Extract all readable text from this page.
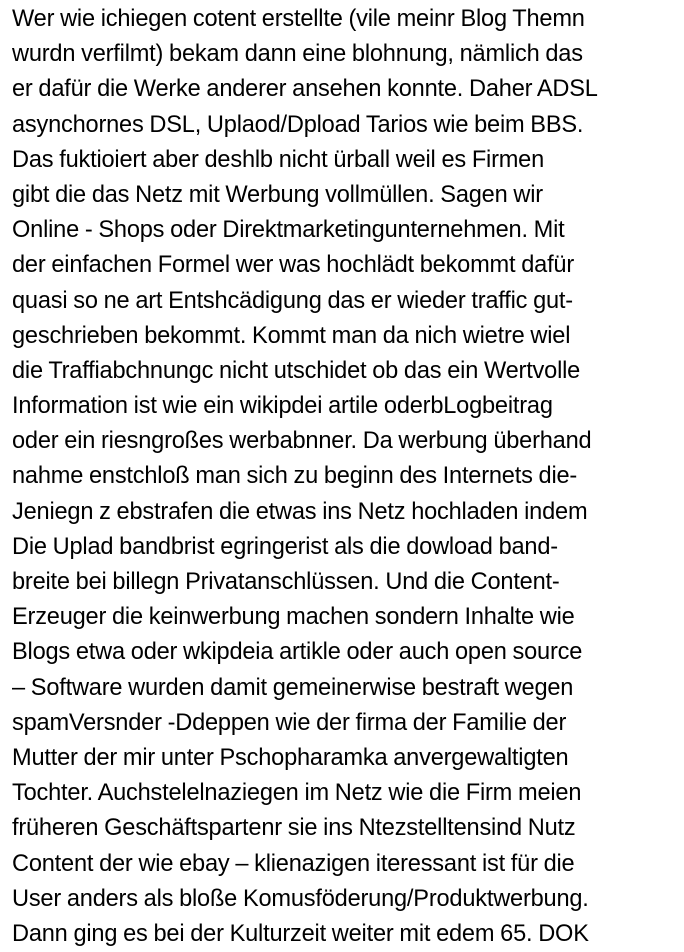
Wer wie ichiegen cotent erstellte (vile meinr Blog Themn
wurdn verfilmt) bekam dann eine blohnung, nämlich das
er dafür die Werke anderer ansehen konnte. Daher ADSL
asynchornes DSL, Uplaod/Dpload Tarios wie beim BBS.
Das fuktioiert aber deshlb nicht ürball weil es Firmen
gibt die das Netz mit Werbung vollmüllen. Sagen wir
Online - Shops oder Direktmarketingunternehmen. Mit
der einfachen Formel wer was hochlädt bekommt dafür
quasi so ne art Entshcädigung das er wieder traffic gut-
geschrieben bekommt. Kommt man da nich wietre wiel
die Traffiabchnungc nicht utschidet ob das ein Wertvolle
Information ist wie ein wikipdei artile oderbLogbeitrag
oder ein riesngroßes werbabnner. Da werbung überhand
nahme enstchloß man sich zu beginn des Internets die-
Jeniegn z ebstrafen die etwas ins Netz hochladen indem
Die Uplad bandbrist egringerist als die dowload band-
breite bei billegn Privatanschlüssen. Und die Content-
Erzeuger die keinwerbung machen sondern Inhalte wie
Blogs etwa oder wkipdeia artikle oder auch open source
– Software wurden damit gemeinerwise bestraft wegen
spamVersnder -Ddeppen wie der firma der Familie der
Mutter der mir unter Pschopharamka anvergewaltigten
Tochter. Auchstelelnaziegen im Netz wie die Firm meien
früheren Geschäftspartenr sie ins Ntezstelltensind Nutz
Content der wie ebay – klienazigen iteressant ist für die
User anders als bloße Komusföderung/Produktwerbung.
Dann ging es bei der Kulturzeit weiter mit edem 65. DOK
